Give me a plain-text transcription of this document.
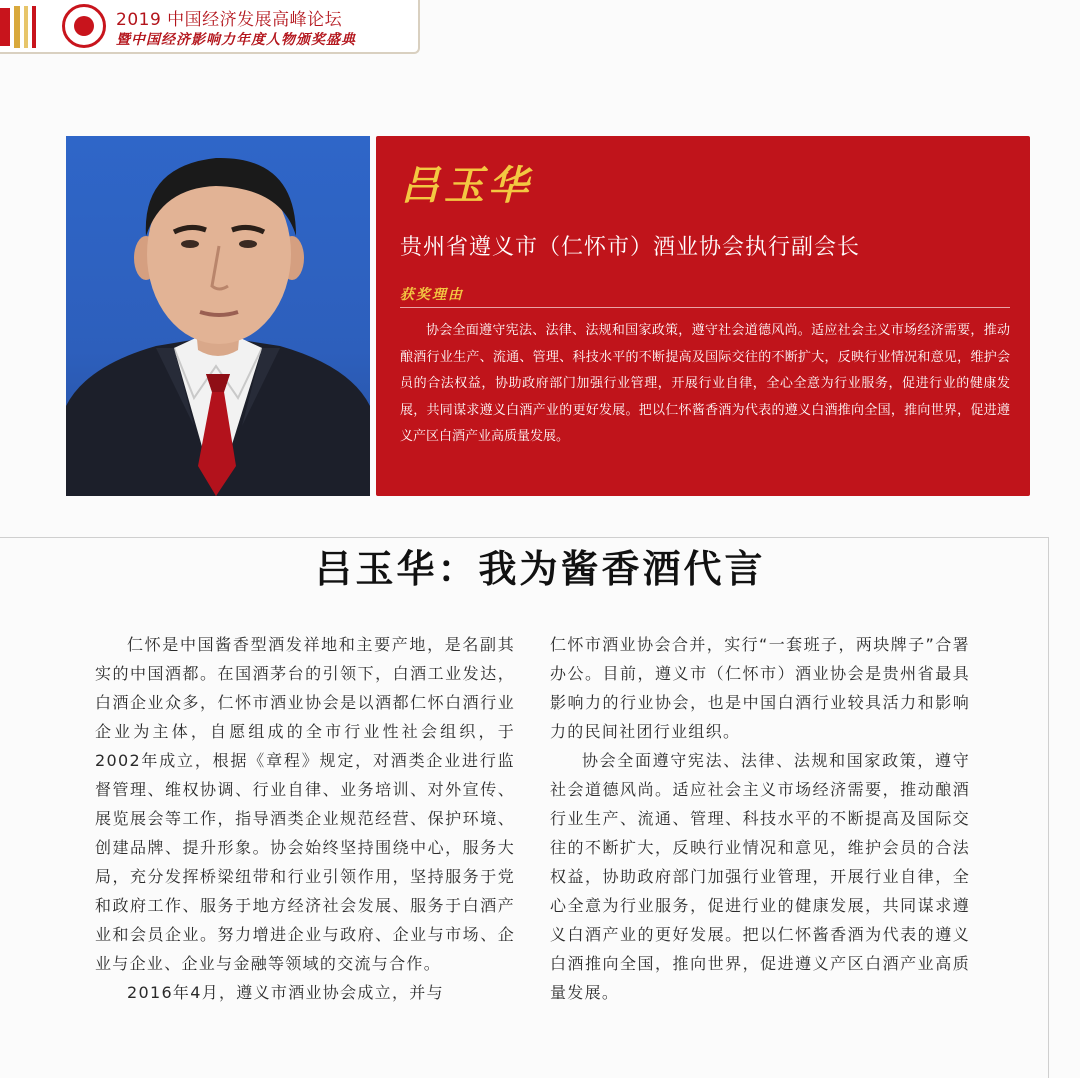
2019 中国经济发展高峰论坛
暨中国经济影响力年度人物颁奖盛典
吕玉华
贵州省遵义市（仁怀市）酒业协会执行副会长
获奖理由

协会全面遵守宪法、法律、法规和国家政策，遵守社会道德风尚。适应社会主义市场经济需要，推动酿酒行业生产、流通、管理、科技水平的不断提高及国际交往的不断扩大，反映行业情况和意见，维护会员的合法权益，协助政府部门加强行业管理，开展行业自律，全心全意为行业服务，促进行业的健康发展，共同谋求遵义白酒产业的更好发展。把以仁怀酱香酒为代表的遵义白酒推向全国，推向世界，促进遵义产区白酒产业高质量发展。

吕玉华：我为酱香酒代言

仁怀是中国酱香型酒发祥地和主要产地，是名副其实的中国酒都。在国酒茅台的引领下，白酒工业发达，白酒企业众多，仁怀市酒业协会是以酒都仁怀白酒行业企业为主体，自愿组成的全市行业性社会组织，于2002年成立，根据《章程》规定，对酒类企业进行监督管理、维权协调、行业自律、业务培训、对外宣传、展览展会等工作，指导酒类企业规范经营、保护环境、创建品牌、提升形象。协会始终坚持围绕中心，服务大局，充分发挥桥梁纽带和行业引领作用，坚持服务于党和政府工作、服务于地方经济社会发展、服务于白酒产业和会员企业。努力增进企业与政府、企业与市场、企业与企业、企业与金融等领域的交流与合作。

2016年4月，遵义市酒业协会成立，并与

仁怀市酒业协会合并，实行“一套班子，两块牌子”合署办公。目前，遵义市（仁怀市）酒业协会是贵州省最具影响力的行业协会，也是中国白酒行业较具活力和影响力的民间社团行业组织。

协会全面遵守宪法、法律、法规和国家政策，遵守社会道德风尚。适应社会主义市场经济需要，推动酿酒行业生产、流通、管理、科技水平的不断提高及国际交往的不断扩大，反映行业情况和意见，维护会员的合法权益，协助政府部门加强行业管理，开展行业自律，全心全意为行业服务，促进行业的健康发展，共同谋求遵义白酒产业的更好发展。把以仁怀酱香酒为代表的遵义白酒推向全国，推向世界，促进遵义产区白酒产业高质量发展。
